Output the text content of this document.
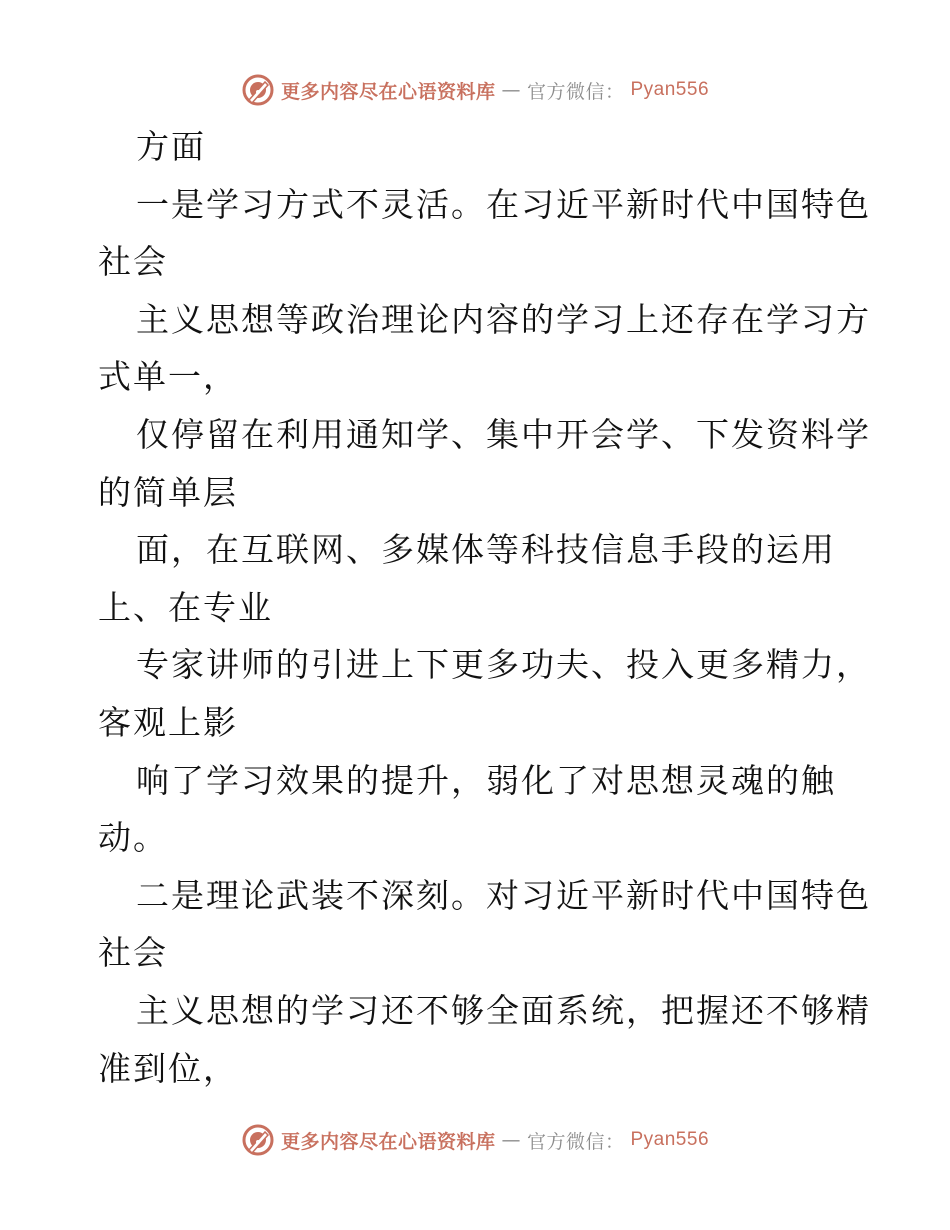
更多内容尽在心语资料库 — 官方微信： Pyan556
方面
一是学习方式不灵活。在习近平新时代中国特色
社会
主义思想等政治理论内容的学习上还存在学习方
式单一，
仅停留在利用通知学、集中开会学、下发资料学
的简单层
面，在互联网、多媒体等科技信息手段的运用
上、在专业
专家讲师的引进上下更多功夫、投入更多精力，
客观上影
响了学习效果的提升，弱化了对思想灵魂的触
动。
二是理论武装不深刻。对习近平新时代中国特色
社会
主义思想的学习还不够全面系统，把握还不够精
准到位，
更多内容尽在心语资料库 — 官方微信： Pyan556
